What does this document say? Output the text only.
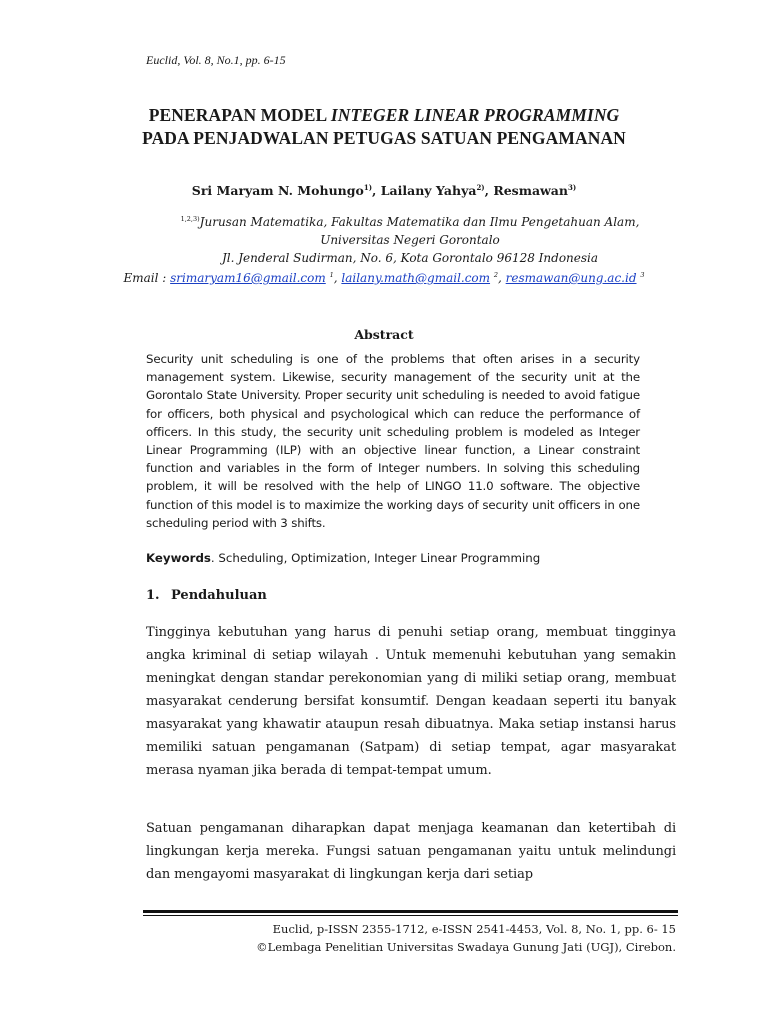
Euclid, Vol. 8, No.1, pp. 6-15
PENERAPAN MODEL INTEGER LINEAR PROGRAMMING
PADA PENJADWALAN PETUGAS SATUAN PENGAMANAN
Sri Maryam N. Mohungo$^{1)}$, Lailany Yahya$^{2)}$, Resmawan$^{3)}$
$^{1,2,3)}$Jurusan Matematika, Fakultas Matematika dan Ilmu Pengetahuan Alam, Universitas Negeri Gorontalo
Jl. Jenderal Sudirman, No. 6, Kota Gorontalo 96128 Indonesia
Email : srimaryam16@gmail.com $^1$, lailany.math@gmail.com $^2$, resmawan@ung.ac.id $^3$
Abstract
Security unit scheduling is one of the problems that often arises in a security management system. Likewise, security management of the security unit at the Gorontalo State University. Proper security unit scheduling is needed to avoid fatigue for officers, both physical and psychological which can reduce the performance of officers. In this study, the security unit scheduling problem is modeled as Integer Linear Programming (ILP) with an objective linear function, a Linear constraint function and variables in the form of Integer numbers. In solving this scheduling problem, it will be resolved with the help of LINGO 11.0 software. The objective function of this model is to maximize the working days of security unit officers in one scheduling period with 3 shifts.
Keywords. Scheduling, Optimization, Integer Linear Programming
1. Pendahuluan
Tingginya kebutuhan yang harus di penuhi setiap orang, membuat tingginya angka kriminal di setiap wilayah . Untuk memenuhi kebutuhan yang semakin meningkat dengan standar perekonomian yang di miliki setiap orang, membuat masyarakat cenderung bersifat konsumtif. Dengan keadaan seperti itu banyak masyarakat yang khawatir ataupun resah dibuatnya. Maka setiap instansi harus memiliki satuan pengamanan (Satpam) di setiap tempat, agar masyarakat merasa nyaman jika berada di tempat-tempat umum.
Satuan pengamanan diharapkan dapat menjaga keamanan dan ketertibah di lingkungan kerja mereka. Fungsi satuan pengamanan yaitu untuk melindungi dan mengayomi masyarakat di lingkungan kerja dari setiap
Euclid, p-ISSN 2355-1712, e-ISSN 2541-4453, Vol. 8, No. 1, pp. 6- 15
©Lembaga Penelitian Universitas Swadaya Gunung Jati (UGJ), Cirebon.
